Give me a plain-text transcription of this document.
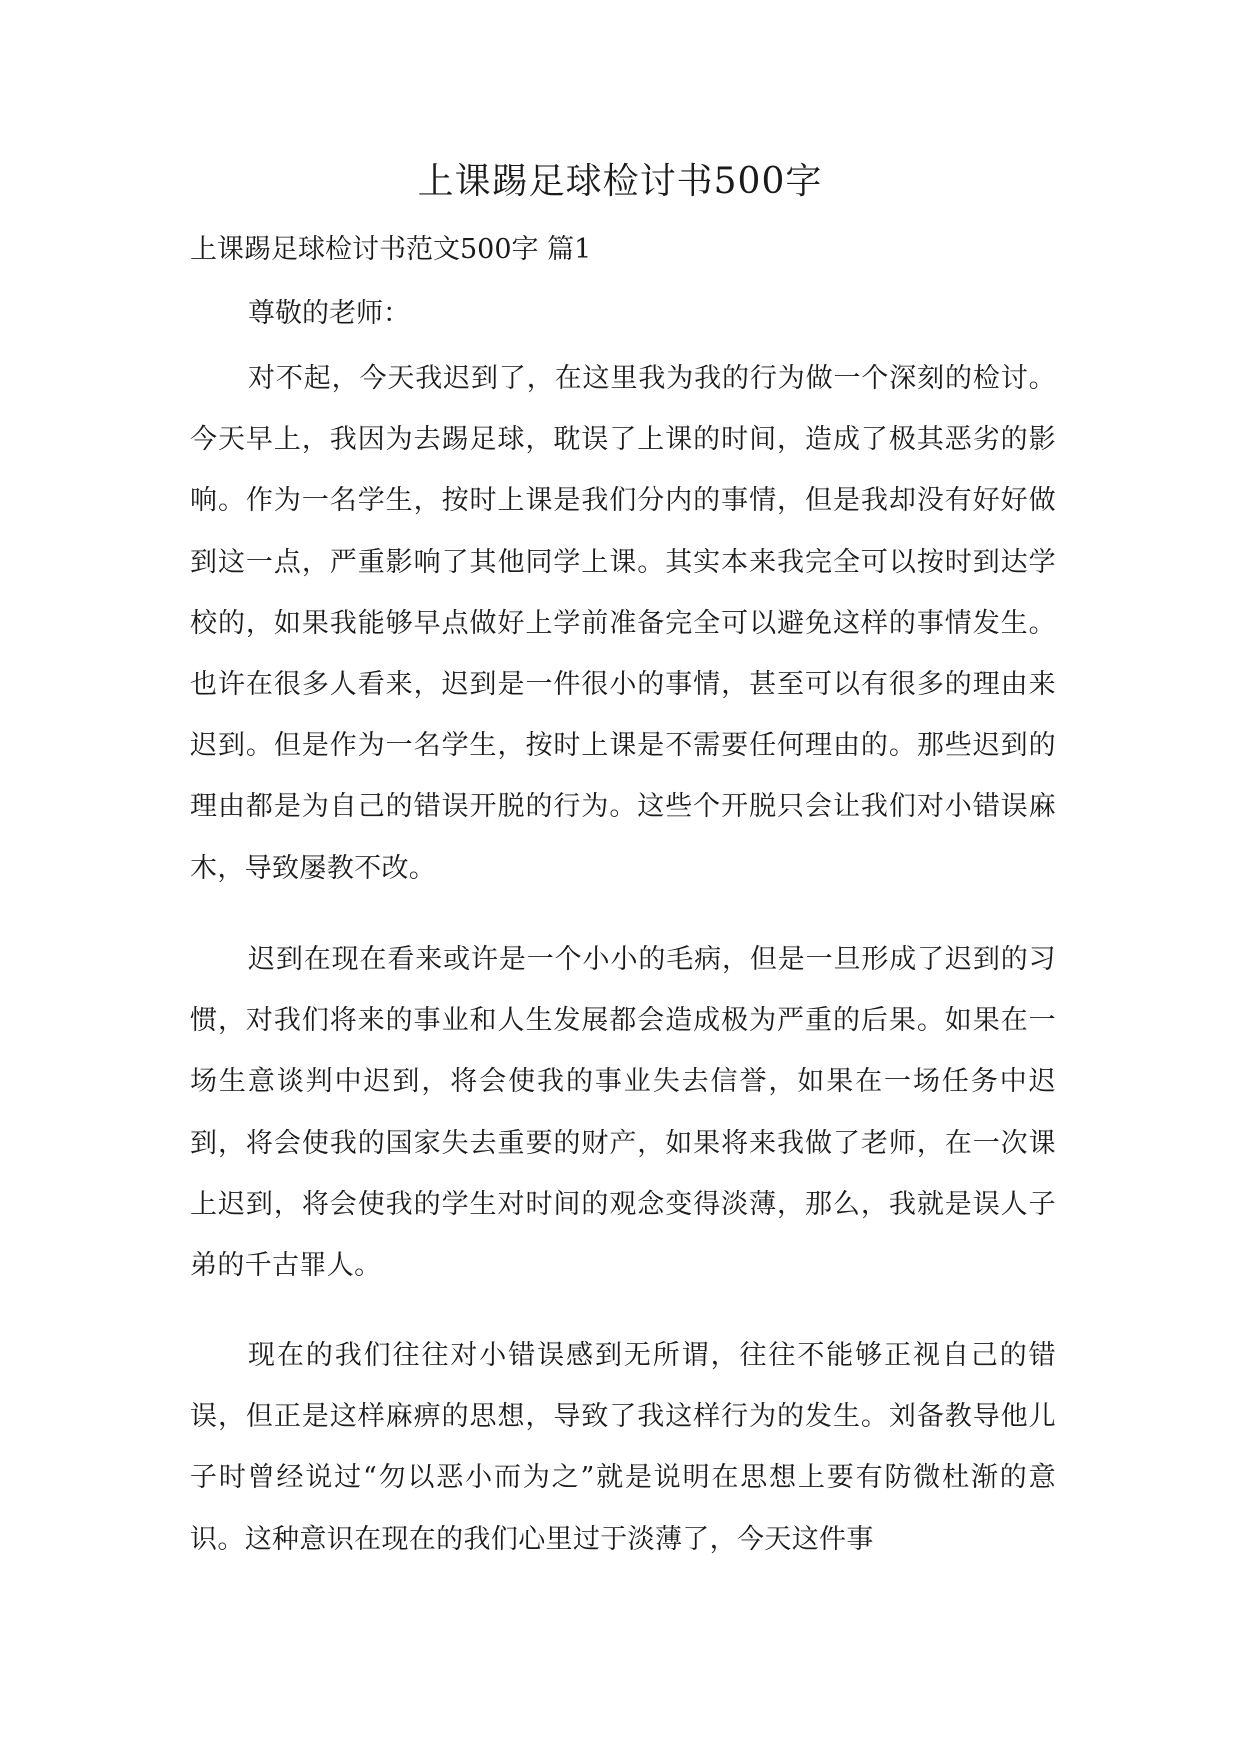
上课踢足球检讨书500字
上课踢足球检讨书范文500字 篇1
尊敬的老师：

对不起，今天我迟到了，在这里我为我的行为做一个深刻的检讨。今天早上，我因为去踢足球，耽误了上课的时间，造成了极其恶劣的影响。作为一名学生，按时上课是我们分内的事情，但是我却没有好好做到这一点，严重影响了其他同学上课。其实本来我完全可以按时到达学校的，如果我能够早点做好上学前准备完全可以避免这样的事情发生。也许在很多人看来，迟到是一件很小的事情，甚至可以有很多的理由来迟到。但是作为一名学生，按时上课是不需要任何理由的。那些迟到的理由都是为自己的错误开脱的行为。这些个开脱只会让我们对小错误麻木，导致屡教不改。

迟到在现在看来或许是一个小小的毛病，但是一旦形成了迟到的习惯，对我们将来的事业和人生发展都会造成极为严重的后果。如果在一场生意谈判中迟到，将会使我的事业失去信誉，如果在一场任务中迟到，将会使我的国家失去重要的财产，如果将来我做了老师，在一次课上迟到，将会使我的学生对时间的观念变得淡薄，那么，我就是误人子弟的千古罪人。

现在的我们往往对小错误感到无所谓，往往不能够正视自己的错误，但正是这样麻痹的思想，导致了我这样行为的发生。刘备教导他儿子时曾经说过“勿以恶小而为之”就是说明在思想上要有防微杜渐的意识。这种意识在现在的我们心里过于淡薄了，今天这件事
